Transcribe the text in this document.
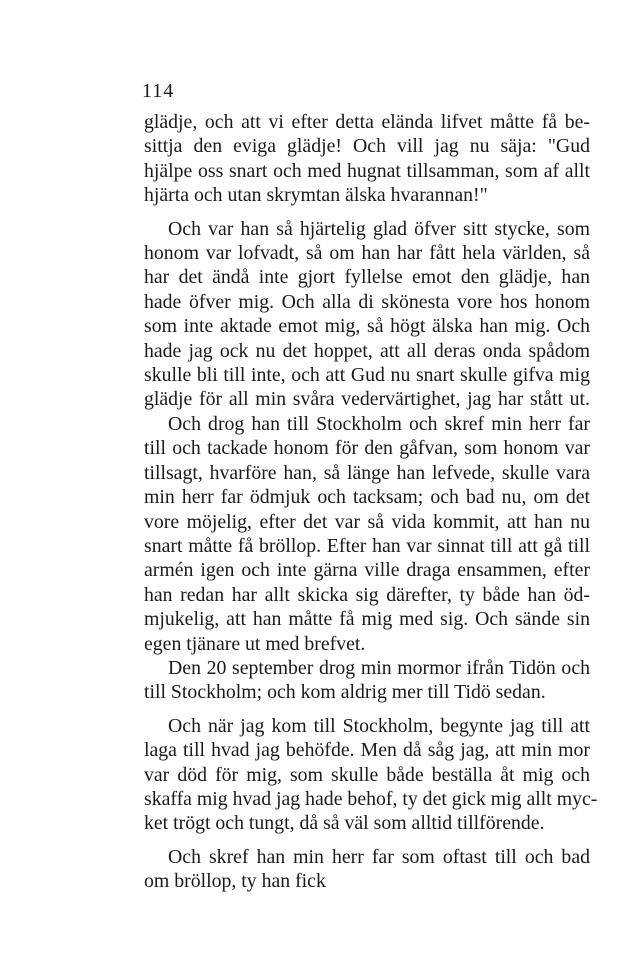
114

glädje, och att vi efter detta elända lifvet måtte få be-
sittja den eviga glädje! Och vill jag nu säja: "Gud
hjälpe oss snart och med hugnat tillsamman, som af allt
hjärta och utan skrymtan älska hvarannan!"

Och var han så hjärtelig glad öfver sitt stycke, som
honom var lofvadt, så om han har fått hela världen, så
har det ändå inte gjort fyllelse emot den glädje, han
hade öfver mig. Och alla di skönesta vore hos honom
som inte aktade emot mig, så högt älska han mig. Och
hade jag ock nu det hoppet, att all deras onda spådom
skulle bli till inte, och att Gud nu snart skulle gifva mig
glädje för all min svåra vedervärtighet, jag har stått ut.

Och drog han till Stockholm och skref min herr far
till och tackade honom för den gåfvan, som honom var
tillsagt, hvarföre han, så länge han lefvede, skulle vara
min herr far ödmjuk och tacksam; och bad nu, om det
vore möjelig, efter det var så vida kommit, att han nu
snart måtte få bröllop. Efter han var sinnat till att gå till
armén igen och inte gärna ville draga ensammen, efter
han redan har allt skicka sig därefter, ty både han öd-
mjukelig, att han måtte få mig med sig. Och sände sin
egen tjänare ut med brefvet.

Den 20 september drog min mormor ifrån Tidön och
till Stockholm; och kom aldrig mer till Tidö sedan.

Och när jag kom till Stockholm, begynte jag till att
laga till hvad jag behöfde. Men då såg jag, att min mor
var död för mig, som skulle både beställa åt mig och
skaffa mig hvad jag hade behof, ty det gick mig allt myc-
ket trögt och tungt, då så väl som alltid tillförende.

Och skref han min herr far som oftast till och bad
om bröllop, ty han fick
